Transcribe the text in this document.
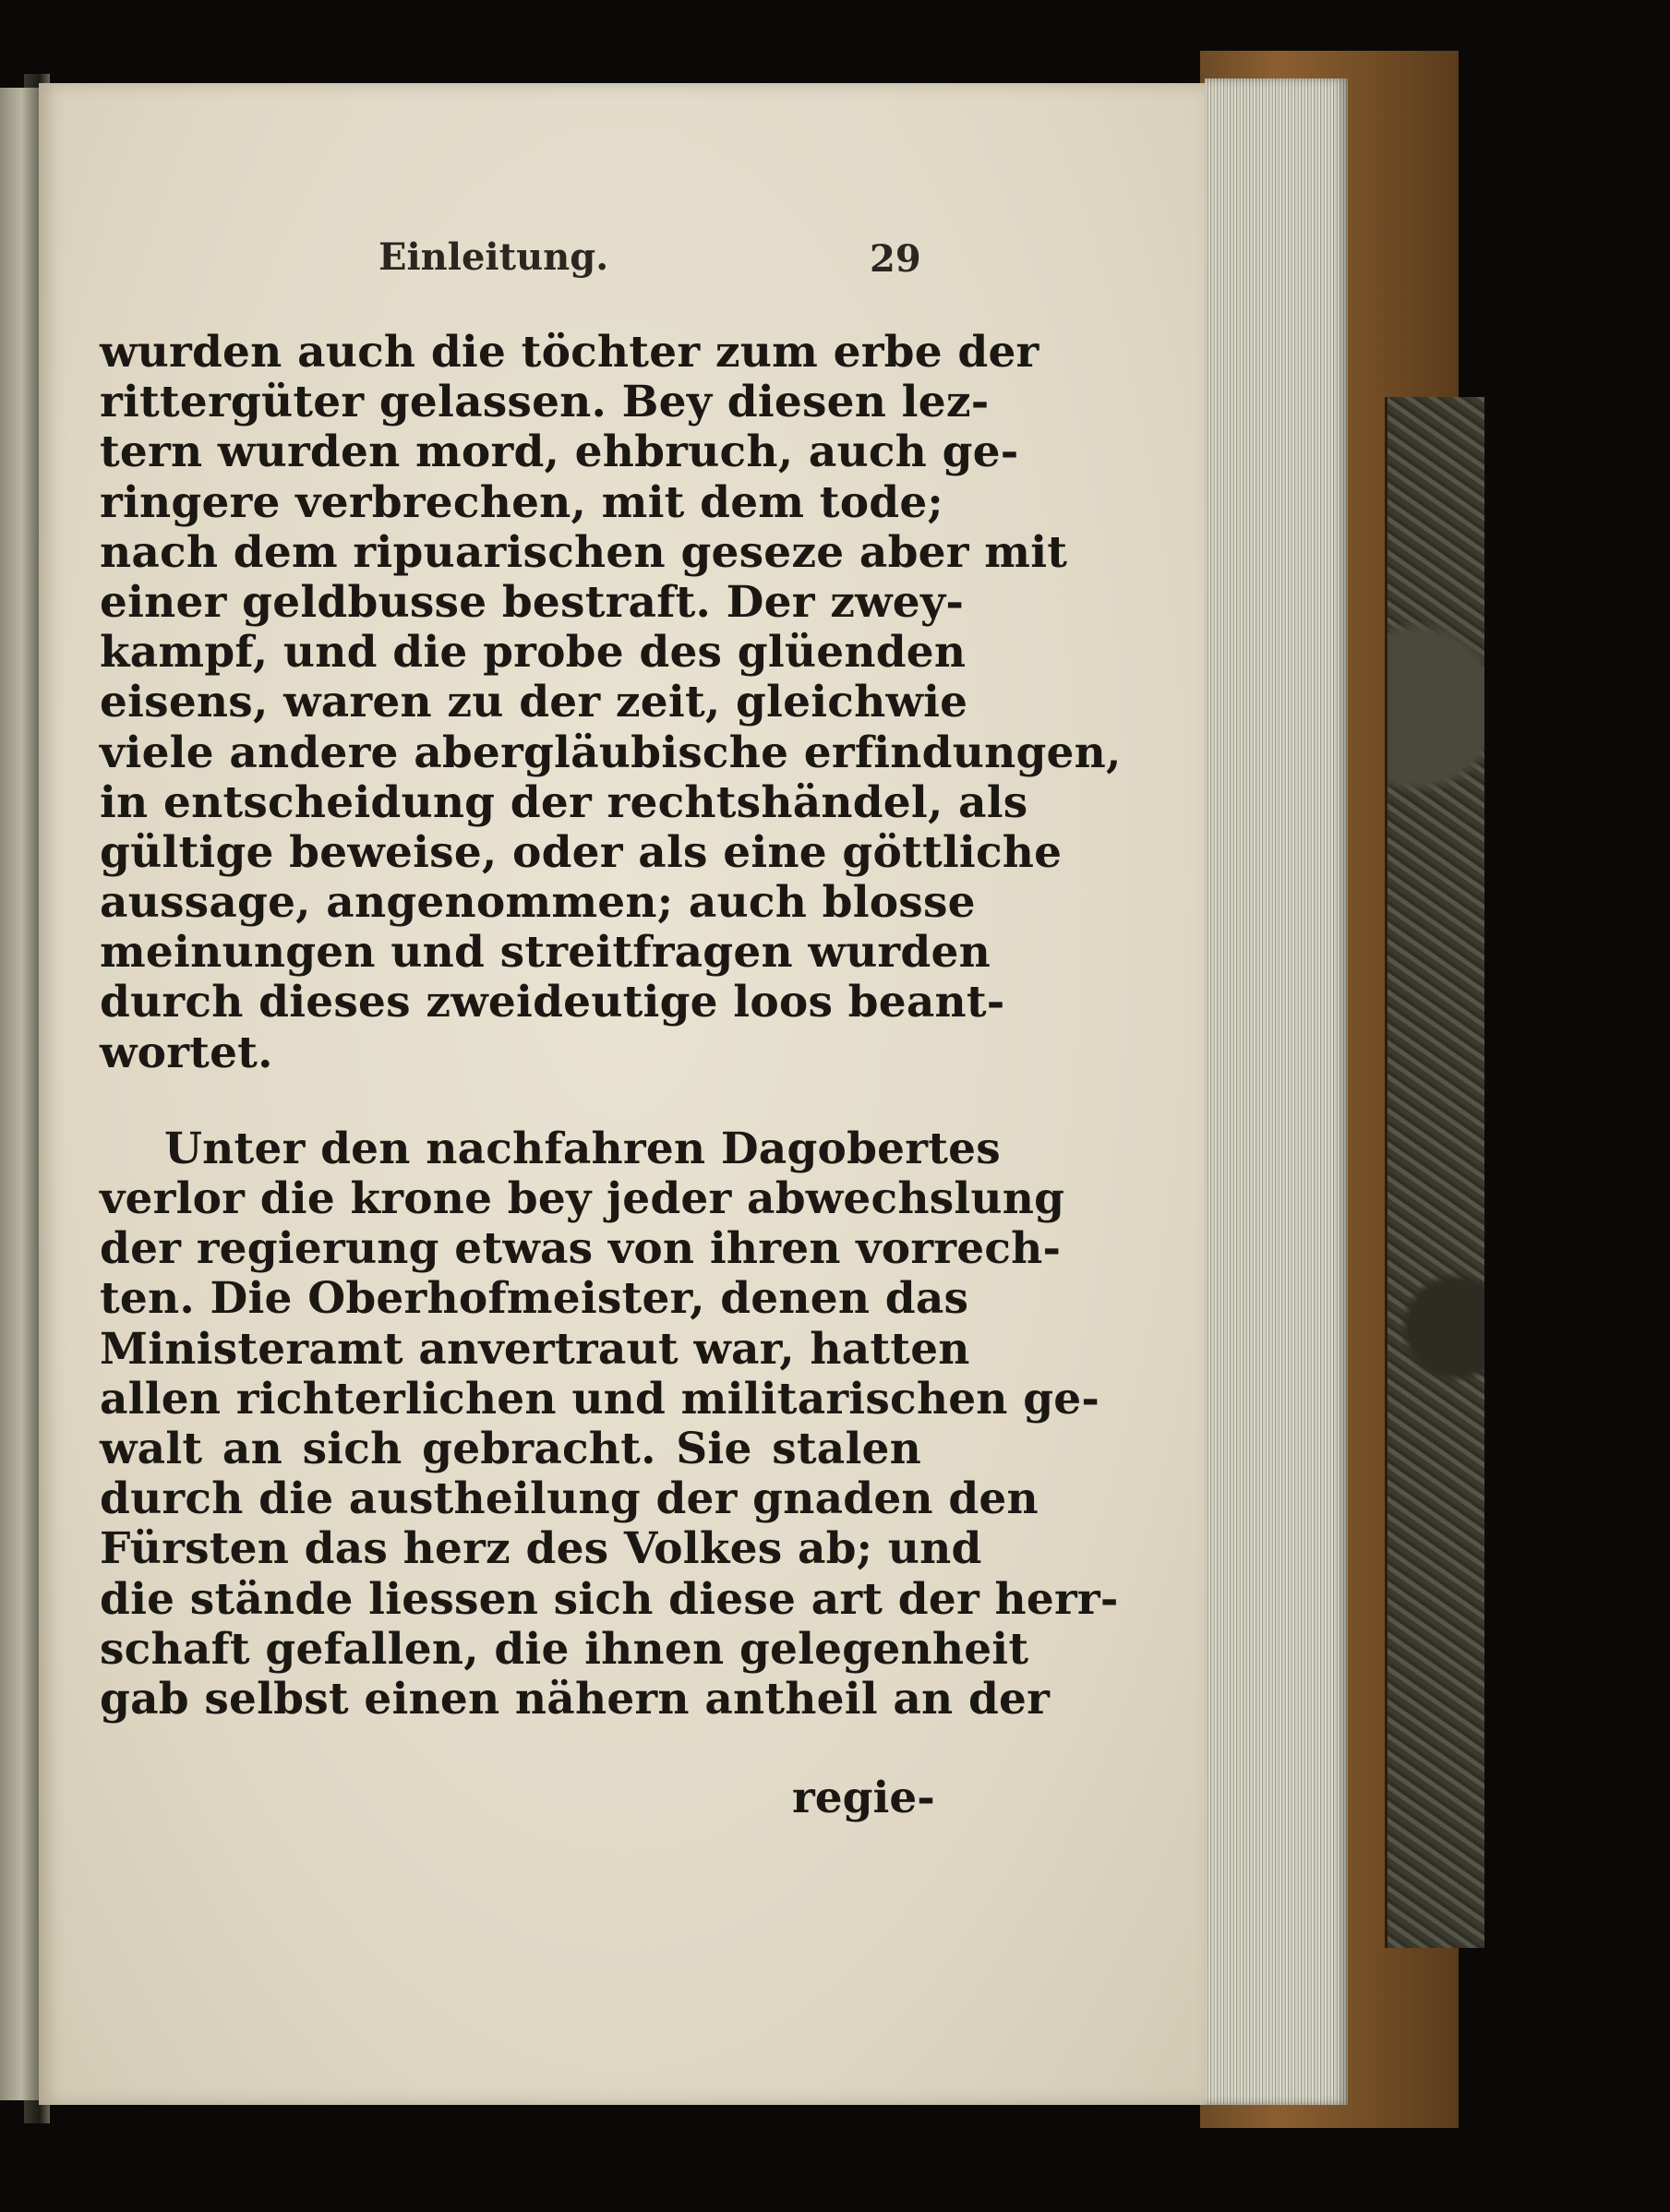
Einleitung.	29
wurden auch die töchter zum erbe der
rittergüter gelassen. Bey diesen lez-
tern wurden mord, ehbruch, auch ge-
ringere verbrechen, mit dem tode;
nach dem ripuarischen geseze aber mit
einer geldbusse bestraft. Der zwey-
kampf, und die probe des glüenden
eisens, waren zu der zeit, gleichwie
viele andere abergläubische erfindungen,
in entscheidung der rechtshändel, als
gültige beweise, oder als eine göttliche
aussage, angenommen; auch blosse
meinungen und streitfragen wurden
durch dieses zweideutige loos beant-
wortet.
Unter den nachfahren Dagobertes
verlor die krone bey jeder abwechslung
der regierung etwas von ihren vorrech-
ten. Die Oberhofmeister, denen das
Ministeramt anvertraut war, hatten
allen richterlichen und militarischen ge-
walt an sich gebracht. Sie stalen
durch die austheilung der gnaden den
Fürsten das herz des Volkes ab; und
die stände liessen sich diese art der herr-
schaft gefallen, die ihnen gelegenheit
gab selbst einen nähern antheil an der
regie-
